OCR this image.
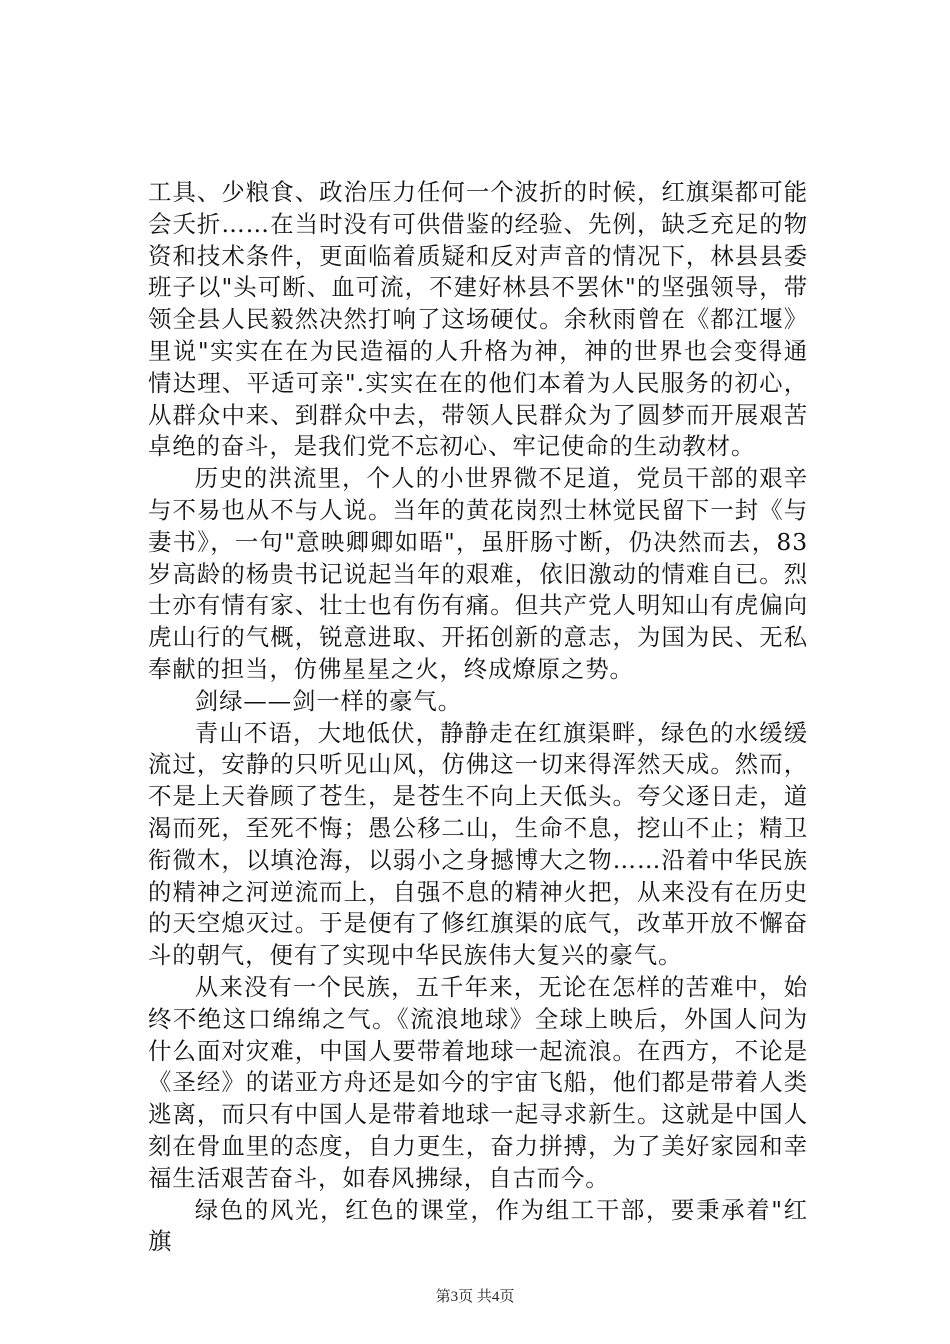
工具、少粮食、政治压力任何一个波折的时候，红旗渠都可能会夭折……在当时没有可供借鉴的经验、先例，缺乏充足的物资和技术条件，更面临着质疑和反对声音的情况下，林县县委班子以"头可断、血可流，不建好林县不罢休"的坚强领导，带领全县人民毅然决然打响了这场硬仗。余秋雨曾在《都江堰》里说"实实在在为民造福的人升格为神，神的世界也会变得通情达理、平适可亲".实实在在的他们本着为人民服务的初心，从群众中来、到群众中去，带领人民群众为了圆梦而开展艰苦卓绝的奋斗，是我们党不忘初心、牢记使命的生动教材。

历史的洪流里，个人的小世界微不足道，党员干部的艰辛与不易也从不与人说。当年的黄花岗烈士林觉民留下一封《与妻书》，一句"意映卿卿如晤"，虽肝肠寸断，仍决然而去，83岁高龄的杨贵书记说起当年的艰难，依旧激动的情难自已。烈士亦有情有家、壮士也有伤有痛。但共产党人明知山有虎偏向虎山行的气概，锐意进取、开拓创新的意志，为国为民、无私奉献的担当，仿佛星星之火，终成燎原之势。

剑绿——剑一样的豪气。

青山不语，大地低伏，静静走在红旗渠畔，绿色的水缓缓流过，安静的只听见山风，仿佛这一切来得浑然天成。然而，不是上天眷顾了苍生，是苍生不向上天低头。夸父逐日走，道渴而死，至死不悔；愚公移二山，生命不息，挖山不止；精卫衔微木，以填沧海，以弱小之身撼博大之物……沿着中华民族的精神之河逆流而上，自强不息的精神火把，从来没有在历史的天空熄灭过。于是便有了修红旗渠的底气，改革开放不懈奋斗的朝气，便有了实现中华民族伟大复兴的豪气。

从来没有一个民族，五千年来，无论在怎样的苦难中，始终不绝这口绵绵之气。《流浪地球》全球上映后，外国人问为什么面对灾难，中国人要带着地球一起流浪。在西方，不论是《圣经》的诺亚方舟还是如今的宇宙飞船，他们都是带着人类逃离，而只有中国人是带着地球一起寻求新生。这就是中国人刻在骨血里的态度，自力更生，奋力拼搏，为了美好家园和幸福生活艰苦奋斗，如春风拂绿，自古而今。

绿色的风光，红色的课堂，作为组工干部，要秉承着"红旗

第3页 共4页
